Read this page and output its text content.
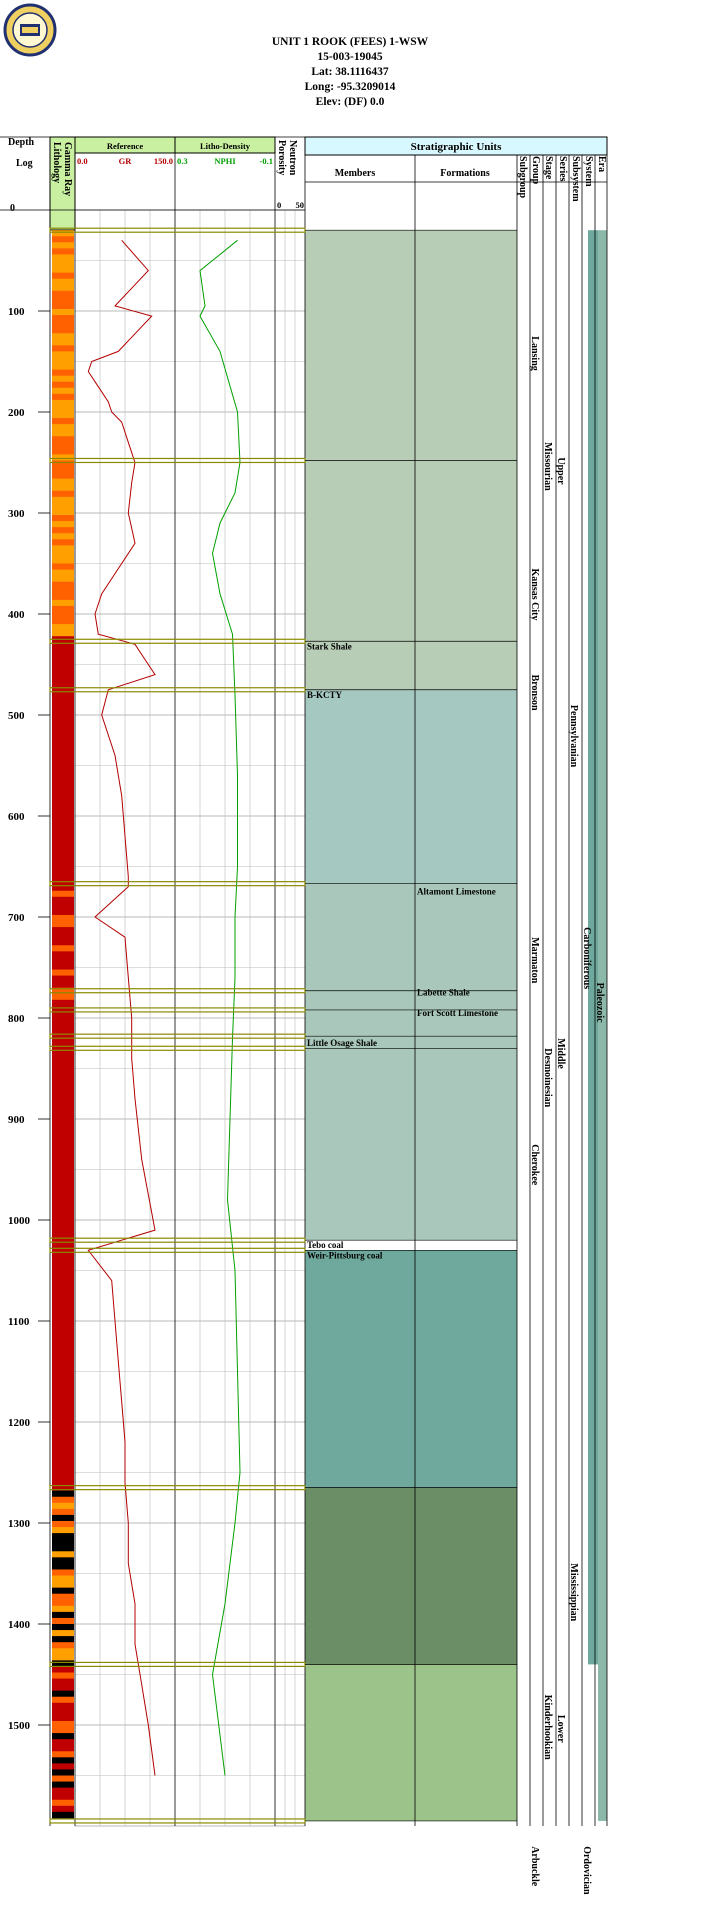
UNIT 1 ROOK (FEES) 1-WSW
15-003-19045
Lat: 38.1116437
Long: -95.3209014
Elev: (DF) 0.0
Depth
Log
0
Lithology Gamma Ray	Reference
0.0	GR	150.0
Litho-Density
0.3	NPHI	-0.1 Porosity Neutron
0 50
Stratigraphic Units
Members	Formations	Subgroup Group Stage Series Subsystem System Era
100
200
300
400
500
600
700
800
900
1000
1100
1200
1300
1400
1500
Stark Shale
B-KCTY
Little Osage Shale
Tebo coal
Weir-Pittsburg coal
Altamont Limestone
Labette Shale
Fort Scott Limestone
Lansing
Kansas City
Bronson
Marmaton
Cherokee
Arbuckle
Missourian
Desmoinesian
Kinderhookian
Upper
Middle
Lower
Pennsylvanian
Mississippian
Carboniferous
Ordovician
Paleozoic
